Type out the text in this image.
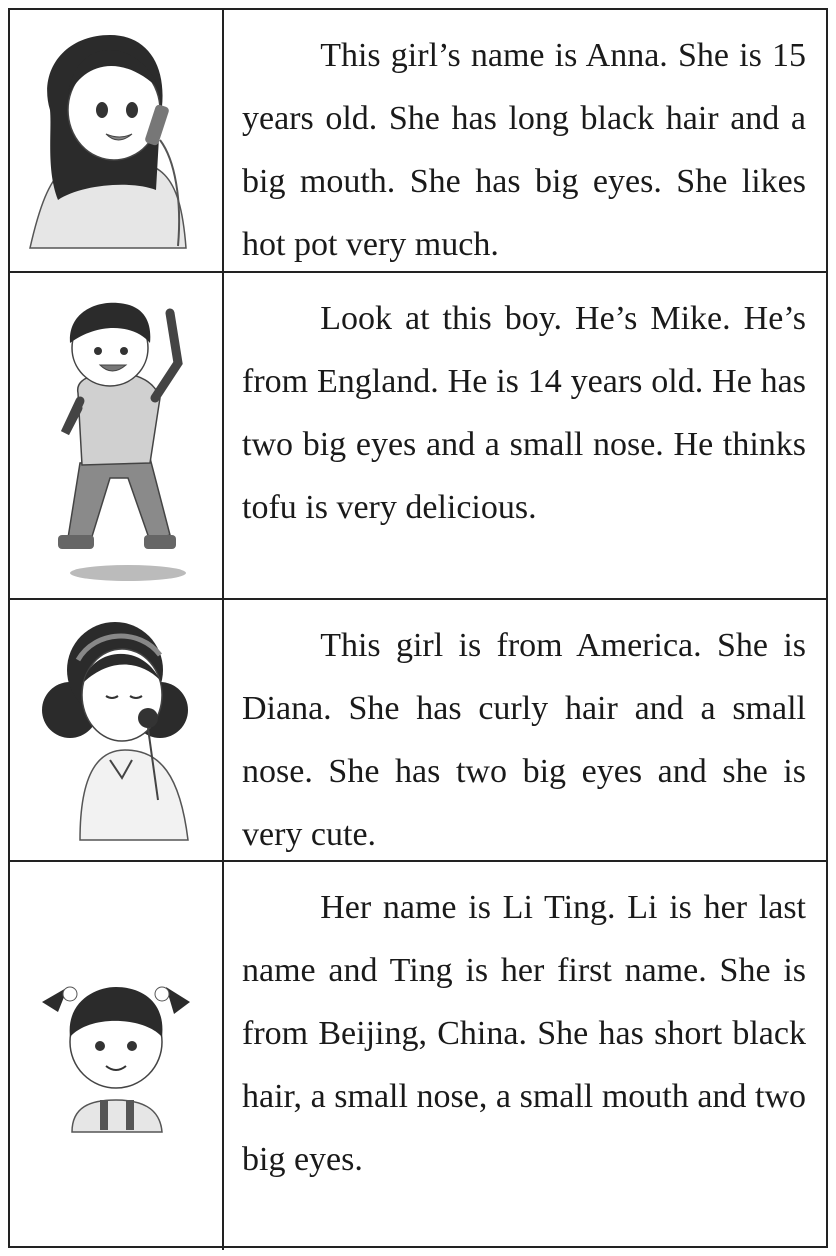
This girl’s name is Anna. She is 15 years old. She has long black hair and a big mouth. She has big eyes. She likes hot pot very much.

Look at this boy. He’s Mike. He’s from England. He is 14 years old. He has two big eyes and a small nose. He thinks tofu is very delicious.

This girl is from America. She is Diana. She has curly hair and a small nose. She has two big eyes and she is very cute.

Her name is Li Ting. Li is her last name and Ting is her first name. She is from Beijing, China. She has short black hair, a small nose, a small mouth and two big eyes.
